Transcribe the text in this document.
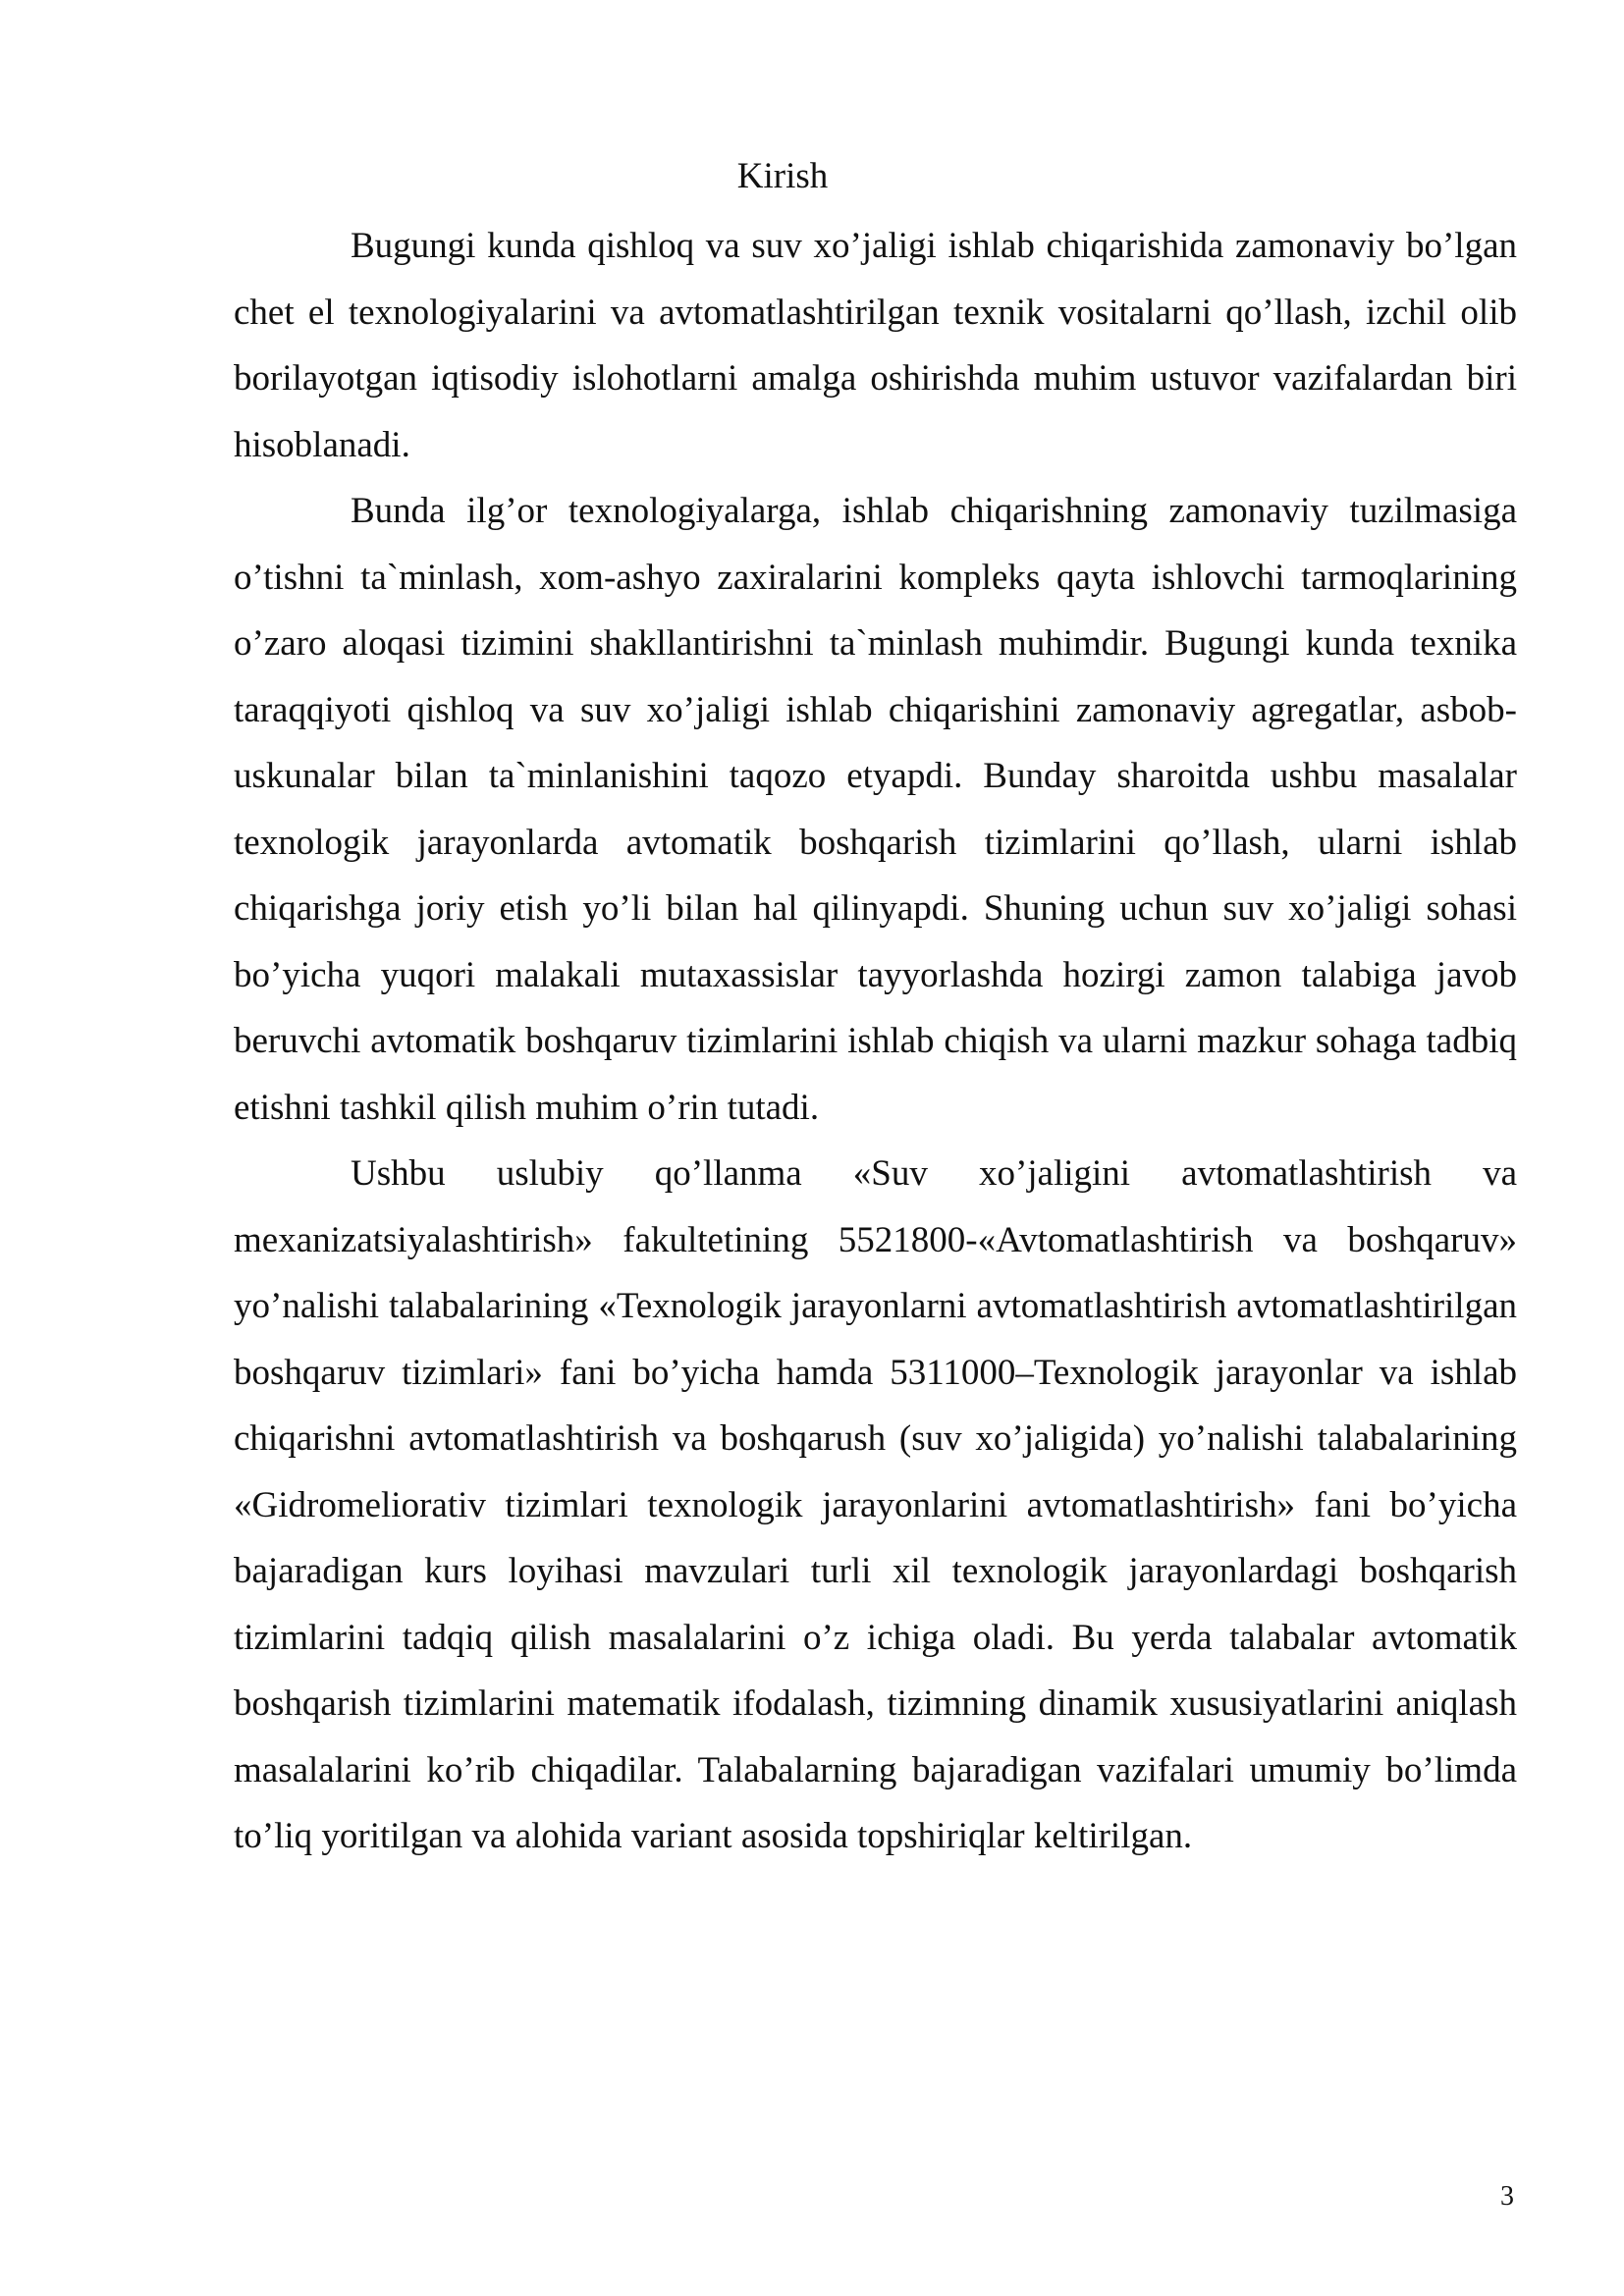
Kirish

Bugungi kunda qishloq va suv xo’jaligi ishlab chiqarishida zamonaviy bo’lgan chet el texnologiyalarini va avtomatlashtirilgan texnik vositalarni qo’llash, izchil olib borilayotgan iqtisodiy islohotlarni amalga oshirishda muhim ustuvor vazifalardan biri hisoblanadi.

Bunda ilg’or texnologiyalarga, ishlab chiqarishning zamonaviy tuzilmasiga o’tishni ta`minlash, xom-ashyo zaxiralarini kompleks qayta ishlovchi tarmoqlarining o’zaro aloqasi tizimini shakllantirishni ta`minlash muhimdir. Bugungi kunda texnika taraqqiyoti qishloq va suv xo’jaligi ishlab chiqarishini zamonaviy agregatlar, asbob-uskunalar bilan ta`minlanishini taqozo etyapdi. Bunday sharoitda ushbu masalalar texnologik jarayonlarda avtomatik boshqarish tizimlarini qo’llash, ularni ishlab chiqarishga joriy etish yo’li bilan hal qilinyapdi. Shuning uchun suv xo’jaligi sohasi bo’yicha yuqori malakali mutaxassislar tayyorlashda hozirgi zamon talabiga javob beruvchi avtomatik boshqaruv tizimlarini ishlab chiqish va ularni mazkur sohaga tadbiq etishni tashkil qilish muhim o’rin tutadi.

Ushbu uslubiy qo’llanma «Suv xo’jaligini avtomatlashtirish va mexanizatsiyalashtirish» fakultetining 5521800-«Avtomatlashtirish va boshqaruv» yo’nalishi talabalarining «Texnologik jarayonlarni avtomatlashtirish avtomatlashtirilgan boshqaruv tizimlari» fani bo’yicha hamda 5311000–Texnologik jarayonlar va ishlab chiqarishni avtomatlashtirish va boshqarush (suv xo’jaligida) yo’nalishi talabalarining «Gidromeliorativ tizimlari texnologik jarayonlarini avtomatlashtirish» fani bo’yicha bajaradigan kurs loyihasi mavzulari turli xil texnologik jarayonlardagi boshqarish tizimlarini tadqiq qilish masalalarini o’z ichiga oladi. Bu yerda talabalar avtomatik boshqarish tizimlarini matematik ifodalash, tizimning dinamik xususiyatlarini aniqlash masalalarini ko’rib chiqadilar. Talabalarning bajaradigan vazifalari umumiy bo’limda to’liq yoritilgan va alohida variant asosida topshiriqlar keltirilgan.

3
